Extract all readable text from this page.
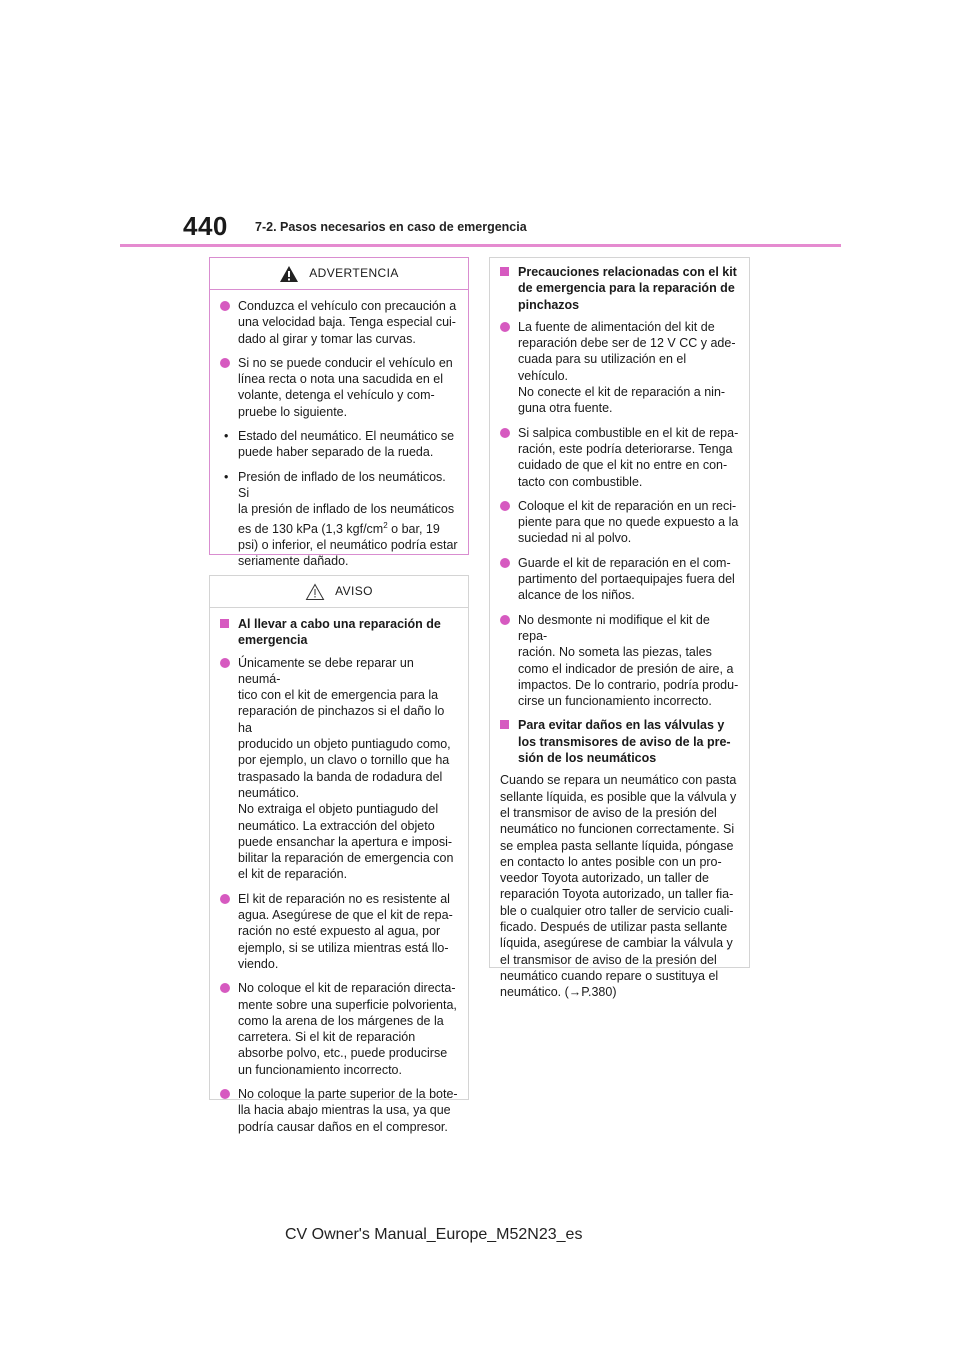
440 7-2. Pasos necesarios en caso de emergencia
ADVERTENCIA
Conduzca el vehículo con precaución a
una velocidad baja. Tenga especial cui-
dado al girar y tomar las curvas.
Si no se puede conducir el vehículo en
línea recta o nota una sacudida en el
volante, detenga el vehículo y com-
pruebe lo siguiente.
• Estado del neumático. El neumático se
puede haber separado de la rueda.
• Presión de inflado de los neumáticos. Si
la presión de inflado de los neumáticos
es de 130 kPa (1,3 kgf/$cm^2$ o bar, 19
psi) o inferior, el neumático podría estar
seriamente dañado.
AVISO
Al llevar a cabo una reparación de
emergencia
Únicamente se debe reparar un neumá-
tico con el kit de emergencia para la
reparación de pinchazos si el daño lo ha
producido un objeto puntiagudo como,
por ejemplo, un clavo o tornillo que ha
traspasado la banda de rodadura del
neumático.
No extraiga el objeto puntiagudo del
neumático. La extracción del objeto
puede ensanchar la apertura e imposi-
bilitar la reparación de emergencia con
el kit de reparación.
El kit de reparación no es resistente al
agua. Asegúrese de que el kit de repa-
ración no esté expuesto al agua, por
ejemplo, si se utiliza mientras está llo-
viendo.
No coloque el kit de reparación directa-
mente sobre una superficie polvorienta,
como la arena de los márgenes de la
carretera. Si el kit de reparación
absorbe polvo, etc., puede producirse
un funcionamiento incorrecto.
No coloque la parte superior de la bote-
lla hacia abajo mientras la usa, ya que
podría causar daños en el compresor.
Precauciones relacionadas con el kit
de emergencia para la reparación de
pinchazos
La fuente de alimentación del kit de
reparación debe ser de 12 V CC y ade-
cuada para su utilización en el vehículo.
No conecte el kit de reparación a nin-
guna otra fuente.
Si salpica combustible en el kit de repa-
ración, este podría deteriorarse. Tenga
cuidado de que el kit no entre en con-
tacto con combustible.
Coloque el kit de reparación en un reci-
piente para que no quede expuesto a la
suciedad ni al polvo.
Guarde el kit de reparación en el com-
partimento del portaequipajes fuera del
alcance de los niños.
No desmonte ni modifique el kit de repa-
ración. No someta las piezas, tales
como el indicador de presión de aire, a
impactos. De lo contrario, podría produ-
cirse un funcionamiento incorrecto.
Para evitar daños en las válvulas y
los transmisores de aviso de la pre-
sión de los neumáticos
Cuando se repara un neumático con pasta
sellante líquida, es posible que la válvula y
el transmisor de aviso de la presión del
neumático no funcionen correctamente. Si
se emplea pasta sellante líquida, póngase
en contacto lo antes posible con un pro-
veedor Toyota autorizado, un taller de
reparación Toyota autorizado, un taller fia-
ble o cualquier otro taller de servicio cuali-
ficado. Después de utilizar pasta sellante
líquida, asegúrese de cambiar la válvula y
el transmisor de aviso de la presión del
neumático cuando repare o sustituya el
neumático. (→P.380)
CV Owner's Manual_Europe_M52N23_es
